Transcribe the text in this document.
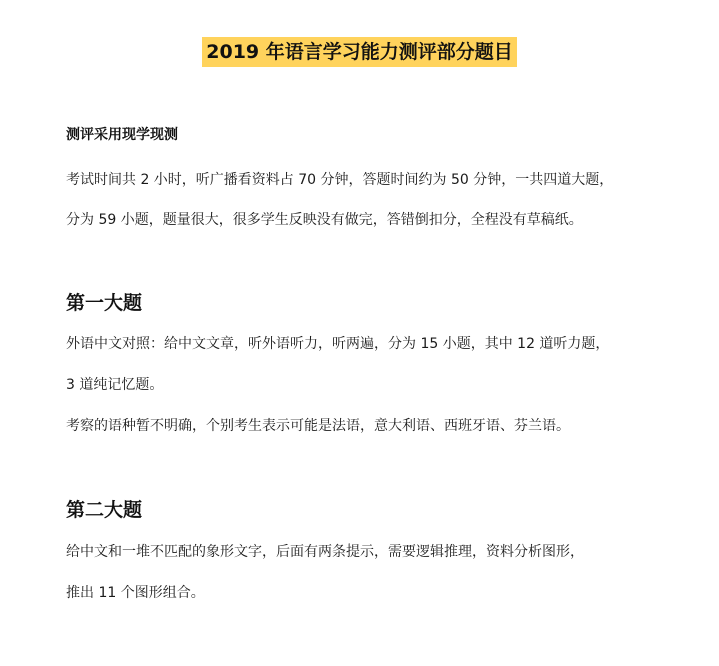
2019 年语言学习能力测评部分题目
测评采用现学现测
考试时间共 2 小时，听广播看资料占 70 分钟，答题时间约为 50 分钟，一共四道大题，
分为 59 小题，题量很大，很多学生反映没有做完，答错倒扣分，全程没有草稿纸。
第一大题
外语中文对照：给中文文章，听外语听力，听两遍，分为 15 小题，其中 12 道听力题，
3 道纯记忆题。
考察的语种暂不明确，个别考生表示可能是法语，意大利语、西班牙语、芬兰语。
第二大题
给中文和一堆不匹配的象形文字，后面有两条提示，需要逻辑推理，资料分析图形，
推出 11 个图形组合。
